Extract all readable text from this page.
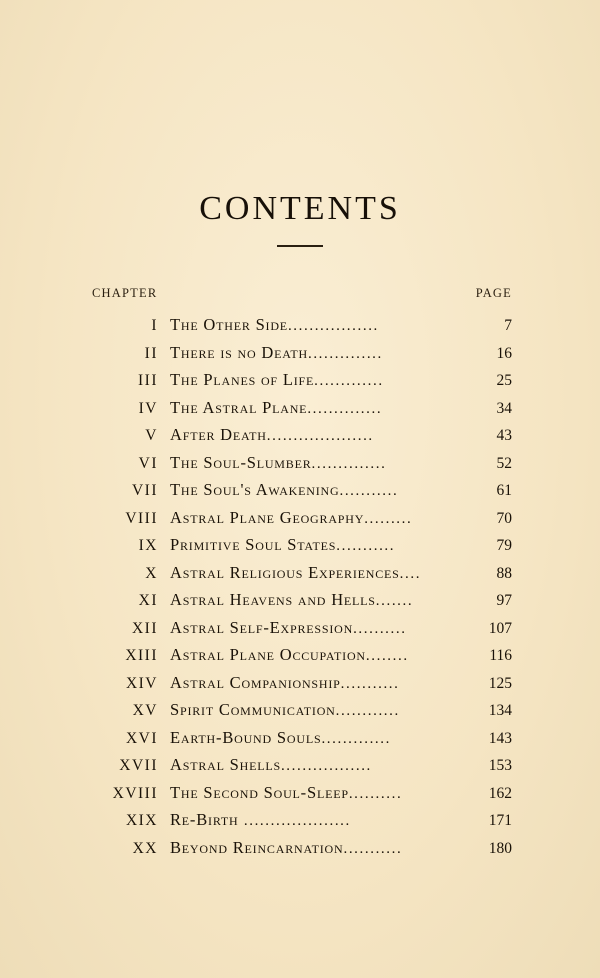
CONTENTS
CHAPTER	PAGE
I The Other Side.................	7
II There is no Death..............	16
III The Planes of Life.............	25
IV The Astral Plane..............	34
V After Death....................	43
VI The Soul-Slumber..............	52
VII The Soul's Awakening...........	61
VIII Astral Plane Geography.........	70
IX Primitive Soul States...........	79
X Astral Religious Experiences....	88
XI Astral Heavens and Hells.......	97
XII Astral Self-Expression..........	107
XIII Astral Plane Occupation........	116
XIV Astral Companionship...........	125
XV Spirit Communication............	134
XVI Earth-Bound Souls.............	143
XVII Astral Shells.................	153
XVIII The Second Soul-Sleep..........	162
XIX Re-Birth ....................	171
XX Beyond Reincarnation...........	180
